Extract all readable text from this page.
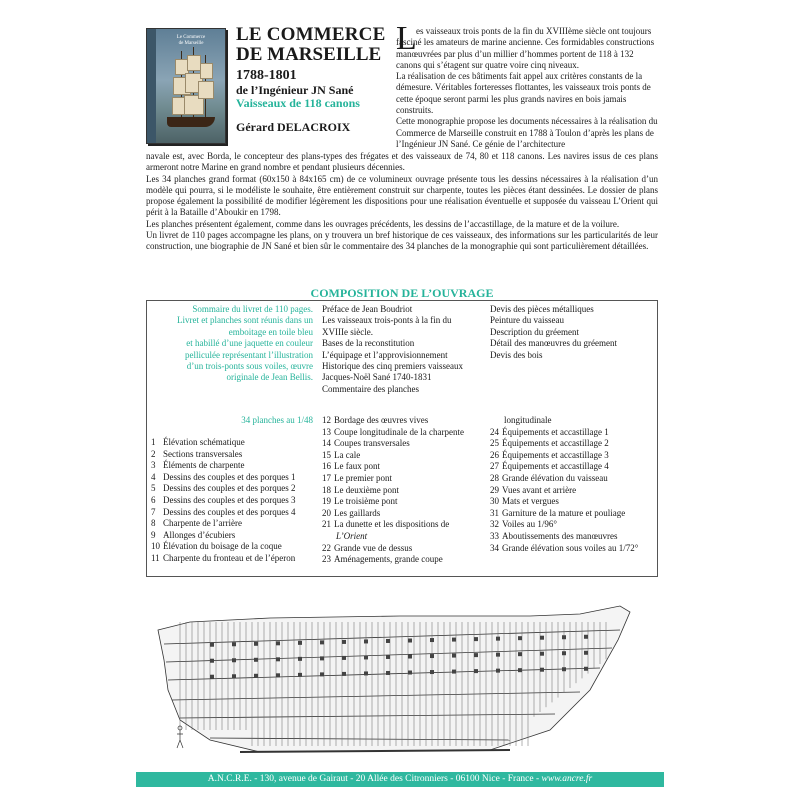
Le Commerce
de Marseille	LE COMMERCE
DE MARSEILLE
1788-1801
de l’Ingénieur JN Sané
Vaisseaux de 118 canons
Gérard DELACROIX
L es vaisseaux trois ponts de la fin du XVIIIème siècle ont toujours fasciné les amateurs de marine ancienne. Ces formidables constructions manœuvrées par plus d’un millier d’hommes portent de 118 à 132 canons qui s’étagent sur quatre voire cinq niveaux.

La réalisation de ces bâtiments fait appel aux critères constants de la démesure. Véritables forteresses flottantes, les vaisseaux trois ponts de cette époque seront parmi les plus grands navires en bois jamais construits.

Cette monographie propose les documents nécessaires à la réalisation du Commerce de Marseille construit en 1788 à Toulon d’après les plans de l’Ingénieur JN Sané. Ce génie de l’architecture

navale est, avec Borda, le concepteur des plans-types des frégates et des vaisseaux de 74, 80 et 118 canons. Les navires issus de ces plans armeront notre Marine en grand nombre et pendant plusieurs décennies.

Les 34 planches grand format (60x150 à 84x165 cm) de ce volumineux ouvrage présente tous les dessins nécessaires à la réalisation d’un modèle qui pourra, si le modéliste le souhaite, être entièrement construit sur charpente, toutes les pièces étant dessinées. Le dossier de plans propose également la possibilité de modifier légèrement les dispositions pour une réalisation éventuelle et supposée du vaisseau L’Orient qui périt à la Bataille d’Aboukir en 1798.

Les planches présentent également, comme dans les ouvrages précédents, les dessins de l’accastillage, de la mature et de la voilure.

Un livret de 110 pages accompagne les plans, on y trouvera un bref historique de ces vaisseaux, des informations sur les particularités de leur construction, une biographie de JN Sané et bien sûr le commentaire des 34 planches de la monographie qui sont particulièrement détaillées.

COMPOSITION DE L’OUVRAGE

Sommaire du livret de 110 pages.

Livret et planches sont réunis dans un

emboitage en toile bleu

et habillé d’une jaquette en couleur

pelliculée représentant l’illustration

d’un trois-ponts sous voiles, œuvre

originale de Jean Bellis.

34 planches au 1/48
Préface de Jean Boudriot
Les vaisseaux trois-ponts à la fin du
XVIIIe siècle.
Bases de la reconstitution
L’équipage et l’approvisionnement
Historique des cinq premiers vaisseaux
Jacques-Noël Sané 1740-1831
Commentaire des planches
Devis des pièces métalliques
Peinture du vaisseau
Description du gréement
Détail des manœuvres du gréement
Devis des bois
1 Élévation schématique
2 Sections transversales
3 Éléments de charpente
4 Dessins des couples et des porques 1
5 Dessins des couples et des porques 2
6 Dessins des couples et des porques 3
7 Dessins des couples et des porques 4
8 Charpente de l’arrière
9 Allonges d’écubiers
10 Élévation du boisage de la coque
11 Charpente du fronteau et de l’éperon
12 Bordage des œuvres vives
13 Coupe longitudinale de la charpente
14 Coupes transversales
15 La cale
16 Le faux pont
17 Le premier pont
18 Le deuxième pont
19 Le troisième pont
20 Les gaillards
21 La dunette et les dispositions de
L’Orient
22 Grande vue de dessus
23 Aménagements, grande coupe
longitudinale
24 Équipements et accastillage 1
25 Équipements et accastillage 2
26 Équipements et accastillage 3
27 Équipements et accastillage 4
28 Grande élévation du vaisseau
29 Vues avant et arrière
30 Mats et vergues
31 Garniture de la mature et pouliage
32 Voiles au 1/96°
33 Aboutissements des manœuvres
34 Grande élévation sous voiles au 1/72°
A.N.C.R.E. - 130, avenue de Gairaut - 20 Allée des Citronniers - 06100 Nice - France - www.ancre.fr
